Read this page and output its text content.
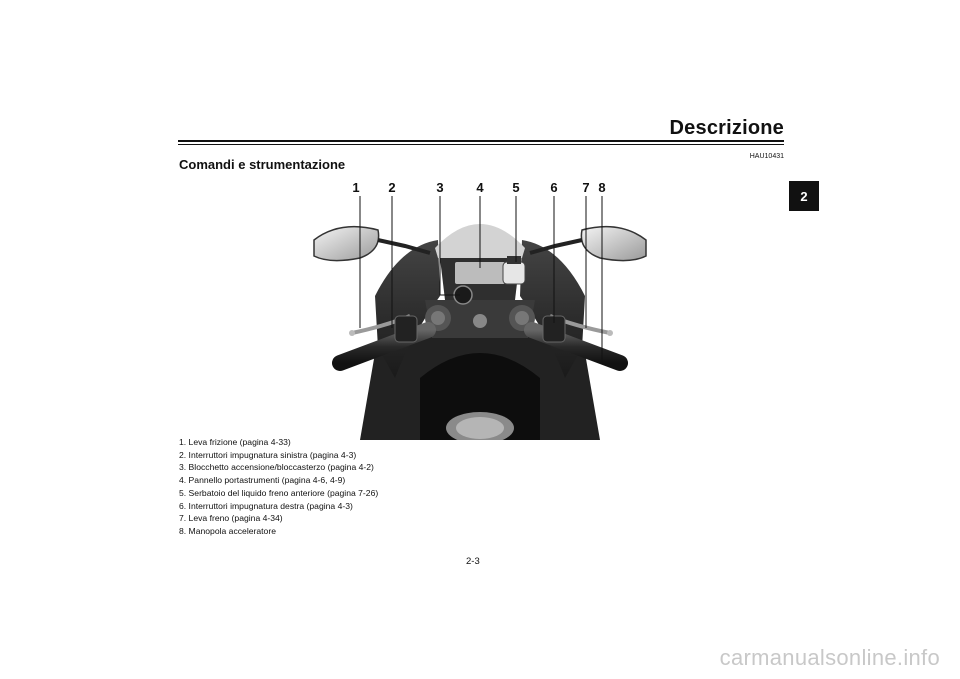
Descrizione
HAU10431
Comandi e strumentazione
2
1 2	3	4 5 6 7 8
1. Leva frizione (pagina 4-33)
2. Interruttori impugnatura sinistra (pagina 4-3)
3. Blocchetto accensione/bloccasterzo (pagina 4-2)
4. Pannello portastrumenti (pagina 4-6, 4-9)
5. Serbatoio del liquido freno anteriore (pagina 7-26)
6. Interruttori impugnatura destra (pagina 4-3)
7. Leva freno (pagina 4-34)
8. Manopola acceleratore
2-3
carmanualsonline.info
